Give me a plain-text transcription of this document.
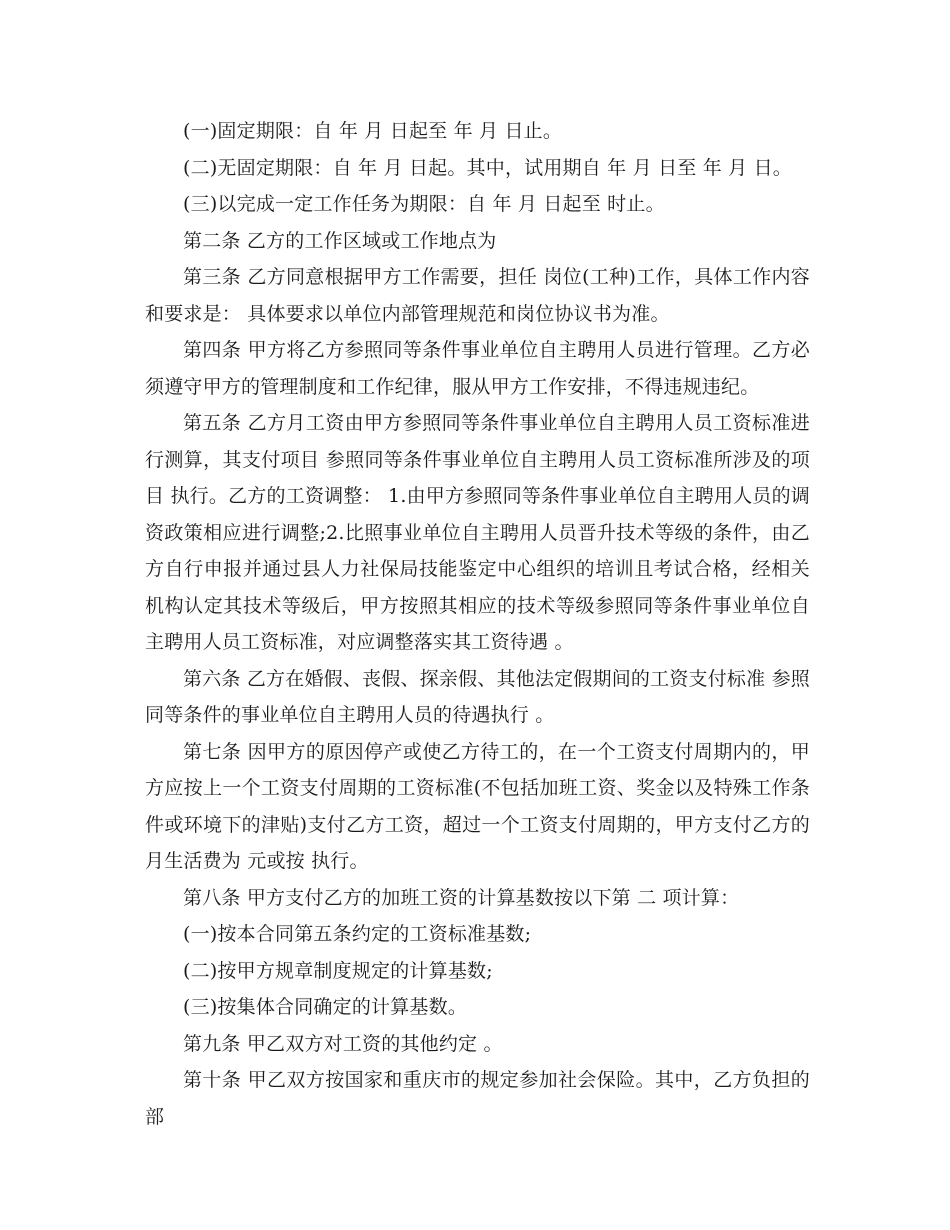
(一)固定期限：自 年 月 日起至 年 月 日止。

(二)无固定期限：自 年 月 日起。其中，试用期自 年 月 日至 年 月 日。

(三)以完成一定工作任务为期限：自 年 月 日起至 时止。

第二条 乙方的工作区域或工作地点为

第三条 乙方同意根据甲方工作需要，担任 岗位(工种)工作，具体工作内容和要求是： 具体要求以单位内部管理规范和岗位协议书为准。

第四条 甲方将乙方参照同等条件事业单位自主聘用人员进行管理。乙方必须遵守甲方的管理制度和工作纪律，服从甲方工作安排，不得违规违纪。

第五条 乙方月工资由甲方参照同等条件事业单位自主聘用人员工资标准进行测算，其支付项目 参照同等条件事业单位自主聘用人员工资标准所涉及的项目 执行。乙方的工资调整： 1.由甲方参照同等条件事业单位自主聘用人员的调资政策相应进行调整;2.比照事业单位自主聘用人员晋升技术等级的条件，由乙方自行申报并通过县人力社保局技能鉴定中心组织的培训且考试合格，经相关机构认定其技术等级后，甲方按照其相应的技术等级参照同等条件事业单位自主聘用人员工资标准，对应调整落实其工资待遇 。

第六条 乙方在婚假、丧假、探亲假、其他法定假期间的工资支付标准 参照同等条件的事业单位自主聘用人员的待遇执行 。

第七条 因甲方的原因停产或使乙方待工的，在一个工资支付周期内的，甲方应按上一个工资支付周期的工资标准(不包括加班工资、奖金以及特殊工作条件或环境下的津贴)支付乙方工资，超过一个工资支付周期的，甲方支付乙方的月生活费为 元或按 执行。

第八条 甲方支付乙方的加班工资的计算基数按以下第 二 项计算：

(一)按本合同第五条约定的工资标准基数;

(二)按甲方规章制度规定的计算基数;

(三)按集体合同确定的计算基数。

第九条 甲乙双方对工资的其他约定 。

第十条 甲乙双方按国家和重庆市的规定参加社会保险。其中，乙方负担的部
